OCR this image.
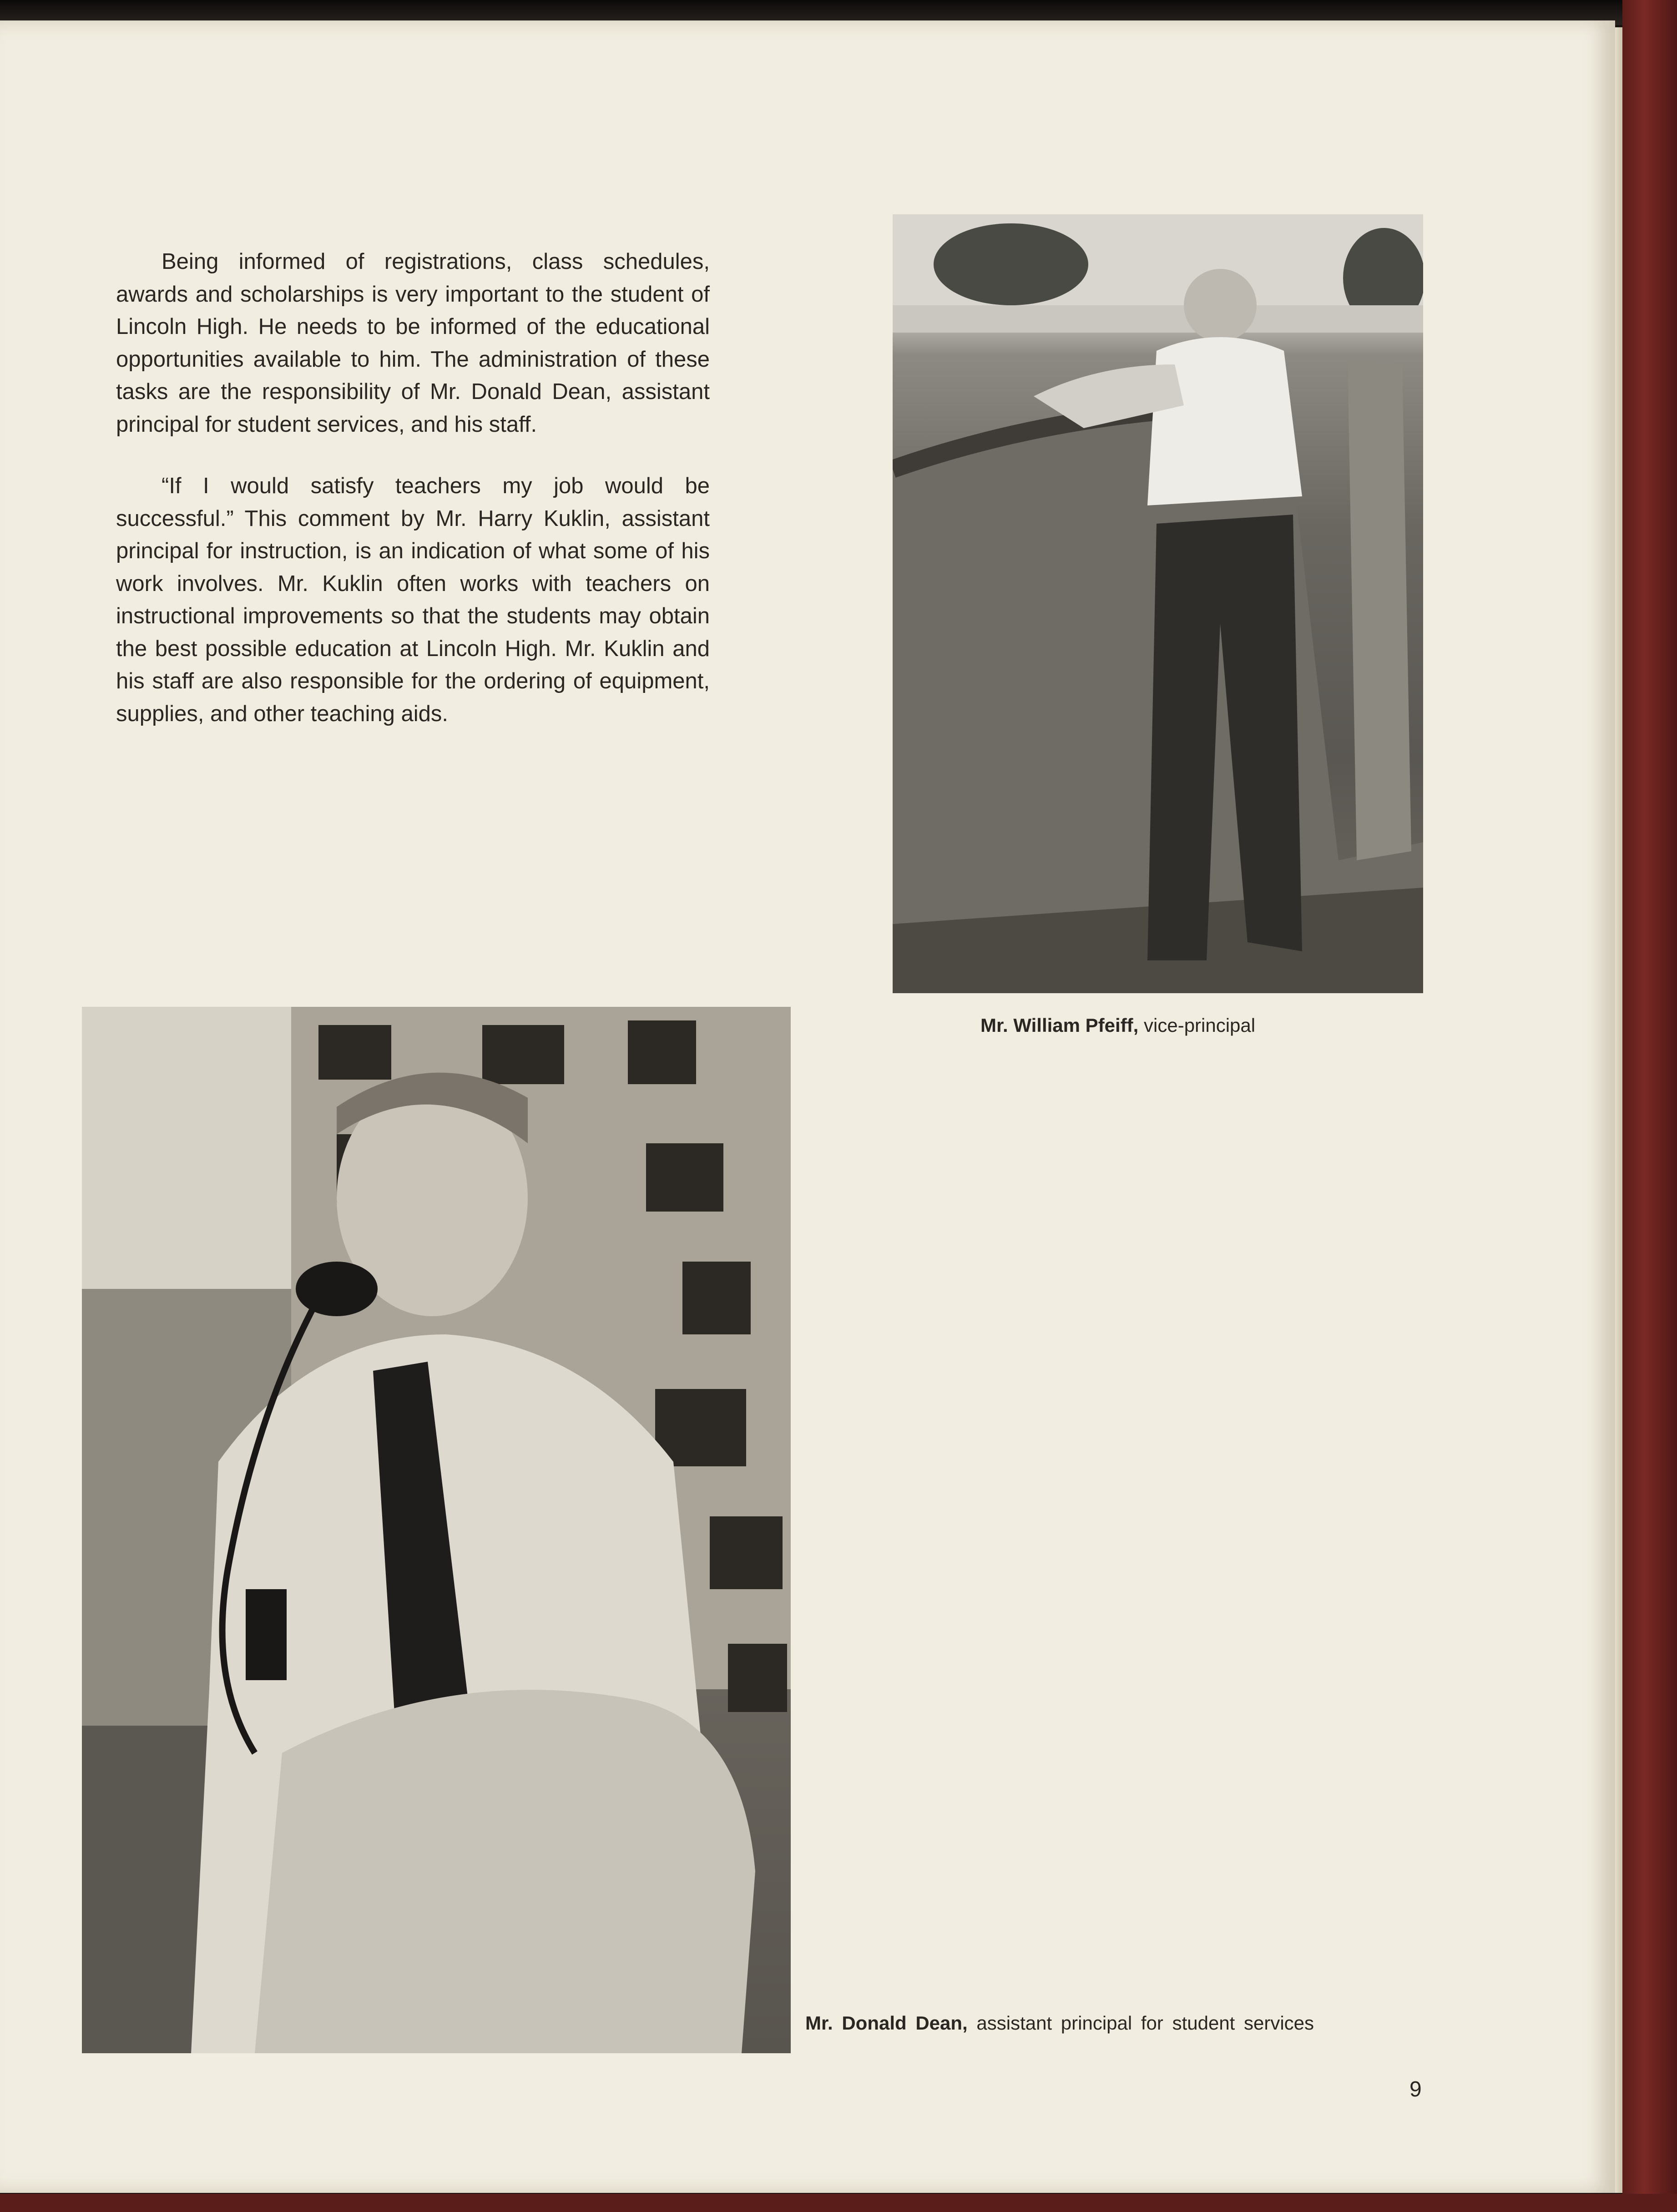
Being informed of registrations, class schedules, awards and scholarships is very important to the student of Lincoln High. He needs to be informed of the educational opportunities available to him. The administration of these tasks are the responsibility of Mr. Donald Dean, assistant principal for student services, and his staff.

“If I would satisfy teachers my job would be successful.” This comment by Mr. Harry Kuklin, assistant principal for instruction, is an indication of what some of his work involves. Mr. Kuklin often works with teachers on instructional improvements so that the students may obtain the best possible education at Lincoln High. Mr. Kuklin and his staff are also responsible for the ordering of equipment, supplies, and other teaching aids.

Mr. William Pfeiff, vice-principal
Mr. Donald Dean, assistant principal for student services
9
